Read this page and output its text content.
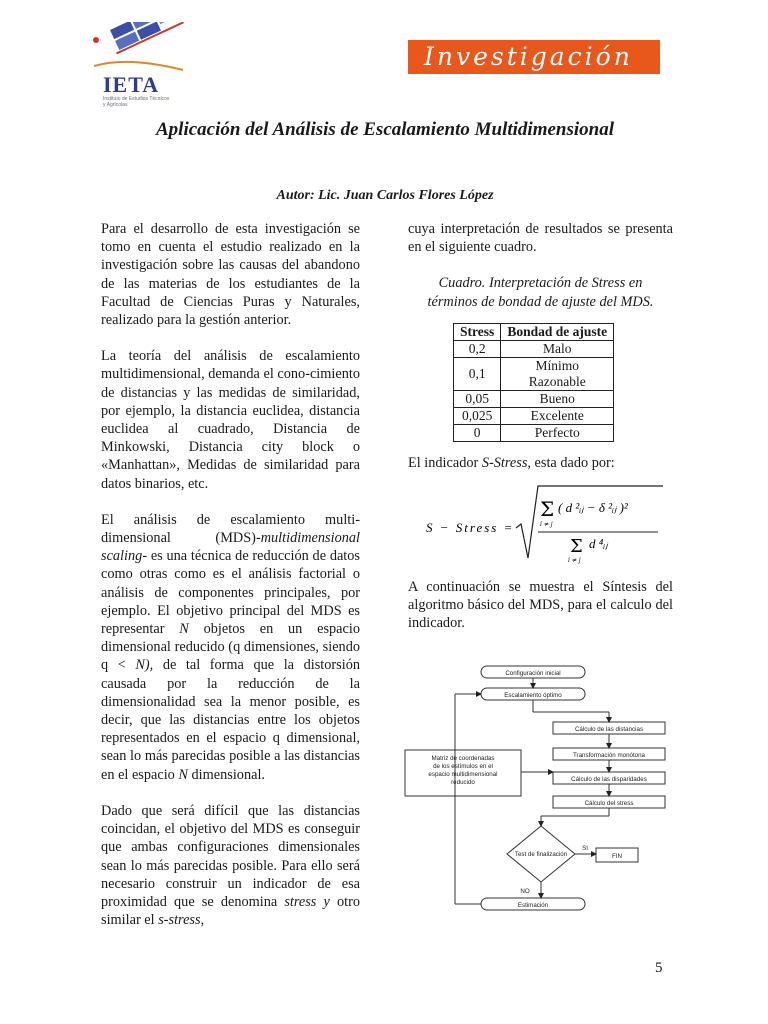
IETA
Instituto de Estudios Técnicos y Agrícolas
Investigación
Aplicación del Análisis de Escalamiento Multidimensional
Autor: Lic. Juan Carlos Flores López

Para el desarrollo de esta investigación se tomo en cuenta el estudio realizado en la investigación sobre las causas del abandono de las materias de los estudiantes de la Facultad de Ciencias Puras y Naturales, realizado para la gestión anterior.

La teoría del análisis de escalamiento multidimensional, demanda el cono-cimiento de distancias y las medidas de similaridad, por ejemplo, la distancia euclidea, distancia euclidea al cuadrado, Distancia de Minkowski, Distancia city block o «Manhattan», Medidas de similaridad para datos binarios, etc.

El análisis de escalamiento multi-dimensional (MDS)-multidimensional scaling- es una técnica de reducción de datos como otras como es el análisis factorial o análisis de componentes principales, por ejemplo. El objetivo principal del MDS es representar N objetos en un espacio dimensional reducido (q dimensiones, siendo q < N), de tal forma que la distorsión causada por la reducción de la dimensionalidad sea la menor posible, es decir, que las distancias entre los objetos representados en el espacio q dimensional, sean lo más parecidas posible a las distancias en el espacio N dimensional.

Dado que será difícil que las distancias coincidan, el objetivo del MDS es conseguir que ambas configuraciones dimensionales sean lo más parecidas posible. Para ello será necesario construir un indicador de esa proximidad que se denomina stress y otro similar el s-stress,

cuya interpretación de resultados se presenta en el siguiente cuadro.

Cuadro. Interpretación de Stress en términos de bondad de ajuste del MDS.

Stress	Bondad de ajuste
0,2	Malo
0,1	Mínimo Razonable
0,05	Bueno
0,025	Excelente
0	Perfecto

El indicador S-Stress, esta dado por:

S − Stress =
Σ
i ≠ j
( d ²ᵢⱼ − δ ²ᵢⱼ )²
Σ
i ≠ j
d ⁴ᵢⱼ

A continuación se muestra el Síntesis del algoritmo básico del MDS, para el calculo del indicador.

Configuración inicial
Escalamiento óptimo
Cálculo de las distancias
Transformación monótona
Cálculo de las disparidades
Cálculo del stress
Matriz de coordenadas
de los estímulos en el
espacio multidimensional
reducido
Test de finalización
SI
FIN
NO
Estimación
5
